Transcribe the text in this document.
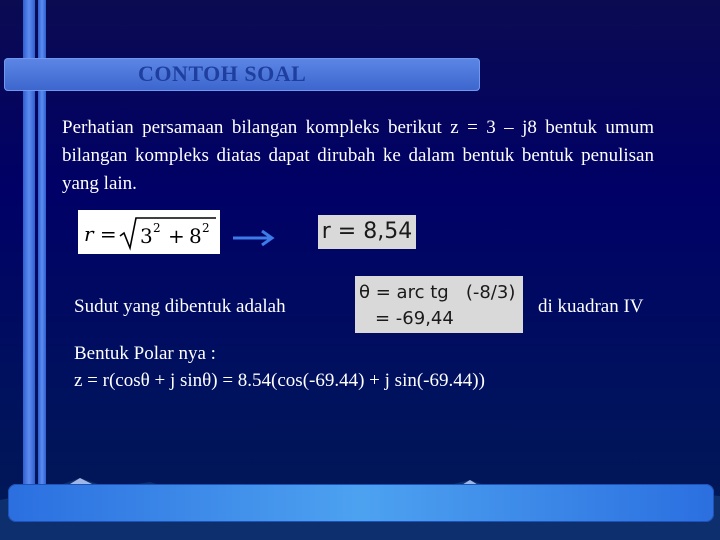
CONTOH SOAL
Perhatian persamaan bilangan kompleks berikut z = 3 – j8 bentuk umum bilangan kompleks diatas dapat dirubah ke dalam bentuk bentuk penulisan yang lain.
r = 3 2 + 8 2	r = 8,54
Sudut yang dibentuk adalah
θ = arc tg   (-8/3)
= -69,44
di kuadran IV
Bentuk Polar nya :
z = r(cosθ + j sinθ) = 8.54(cos(-69.44) + j sin(-69.44))
